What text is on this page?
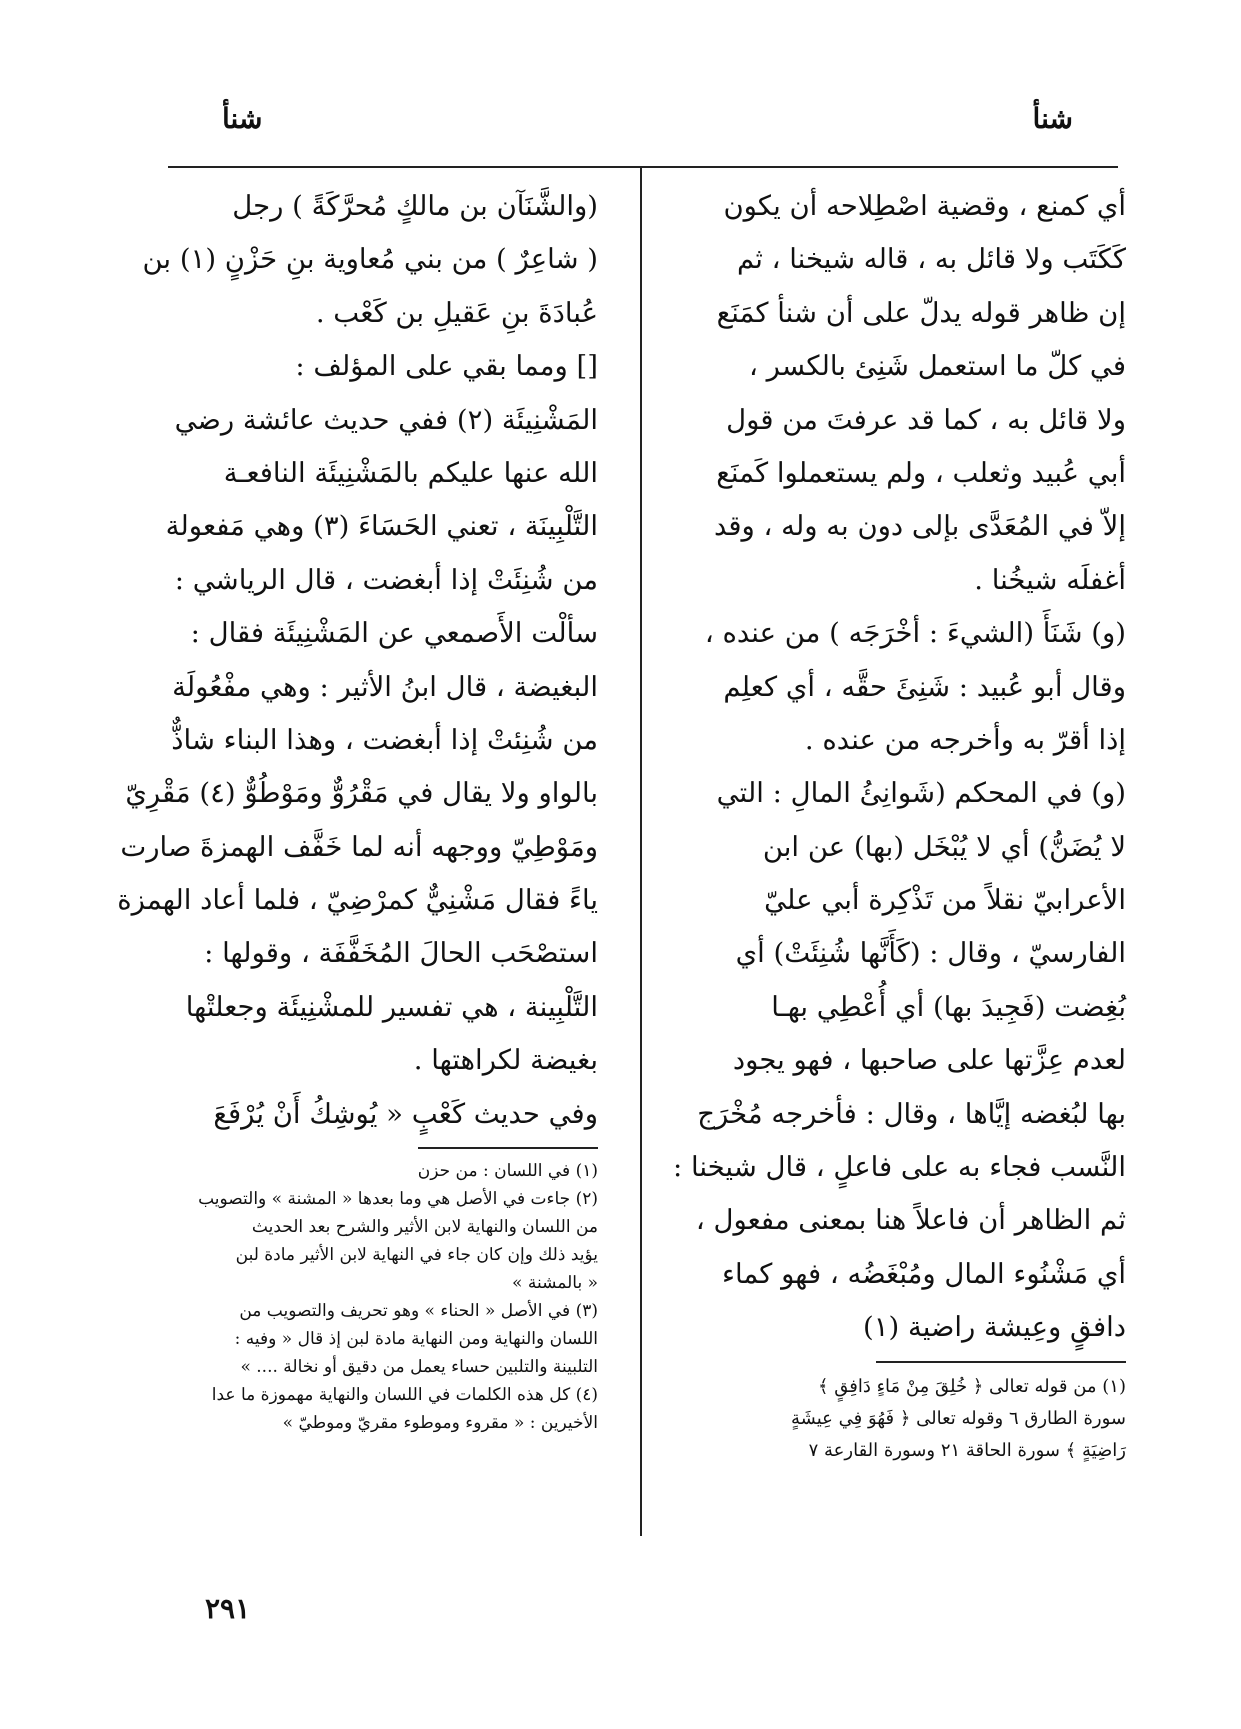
شنأ
شنأ

أي كمنع ، وقضية اصْطِلاحه أن يكون

كَكَتَب ولا قائل به ، قاله شيخنا ، ثم

إن ظاهر قوله يدلّ على أن شنأ كمَنَع

في كلّ ما استعمل شَنِئ بالكسر ،

ولا قائل به ، كما قد عرفتَ من قول

أبي عُبيد وثعلب ، ولم يستعملوا كَمنَع

إلاّ في المُعَدَّى بإلى دون به وله ، وقد

أغفلَه شيخُنا .

(و) شَنَأَ (الشيءَ : أخْرَجَه ) من عنده ،

وقال أبو عُبيد : شَنِئَ حقَّه ، أي كعلِم

إذا أقرّ به وأخرجه من عنده .

(و) في المحكم (شَوانِئُ المالِ : التي

لا يُضَنُّ) أي لا يُبْخَل (بها) عن ابن

الأعرابيّ نقلاً من تَذْكِرة أبي عليّ

الفارسيّ ، وقال : (كَأَنَّها شُنِئَتْ) أي

بُغِضت (فَجِيدَ بها) أي أُعْطِي بهـا

لعدم عِزَّتها على صاحبها ، فهو يجود

بها لبُغضه إيَّاها ، وقال : فأخرجه مُخْرَج

النَّسب فجاء به على فاعلٍ ، قال شيخنا :

ثم الظاهر أن فاعلاً هنا بمعنى مفعول ،

أي مَشْنُوء المال ومُبْغَضُه ، فهو كماء

دافقٍ وعِيشة راضية (١)

(١) من قوله تعالى ﴿ خُلِقَ مِنْ مَاءٍ دَافِقٍ ﴾

سورة الطارق ٦ وقوله تعالى ﴿ فَهُوَ فِي عِيشَةٍ

رَاضِيَةٍ ﴾ سورة الحاقة ٢١ وسورة القارعة ٧

(والشَّنَآن بن مالكٍ مُحرَّكَةً ) رجل

( شاعِرٌ ) من بني مُعاوية بنِ حَزْنٍ (١) بن

عُبادَةَ بنِ عَقيلِ بن كَعْب .

[] ومما بقي على المؤلف :

المَشْنِيئَة (٢) ففي حديث عائشة رضي

الله عنها عليكم بالمَشْنِيئَة النافعـة

التَّلْبِينَة ، تعني الحَسَاءَ (٣) وهي مَفعولة

من شُنِئَتْ إذا أبغضت ، قال الرياشي :

سألْت الأَصمعي عن المَشْنِيئَة فقال :

البغيضة ، قال ابنُ الأثير : وهي مفْعُولَة

من شُنِئتْ إذا أبغضت ، وهذا البناء شاذٌّ

بالواو ولا يقال في مَقْرُوٌّ ومَوْطُوٌّ (٤) مَقْرِيّ

ومَوْطِيّ ووجهه أنه لما خَفَّف الهمزةَ صارت

ياءً فقال مَشْنِيٌّ كمرْضِيّ ، فلما أعاد الهمزة

استصْحَب الحالَ المُخَفَّفَة ، وقولها :

التَّلْبِينة ، هي تفسير للمشْنِيئَة وجعلتْها

بغيضة لكراهتها .

وفي حديث كَعْبٍ « يُوشِكُ أَنْ يُرْفَعَ

(١) في اللسان : من حزن

(٢) جاءت في الأصل هي وما بعدها « المشنة » والتصويب

من اللسان والنهاية لابن الأثير والشرح بعد الحديث

يؤيد ذلك وإن كان جاء في النهاية لابن الأثير مادة لبن

« بالمشنة »

(٣) في الأصل « الحناء » وهو تحريف والتصويب من

اللسان والنهاية ومن النهاية مادة لبن إذ قال « وفيه :

التلبينة والتلبين حساء يعمل من دقيق أو نخالة .... »

(٤) كل هذه الكلمات في اللسان والنهاية مهموزة ما عدا

الأخيرين : « مقروء وموطوء مقريّ وموطيّ »

٢٩١
